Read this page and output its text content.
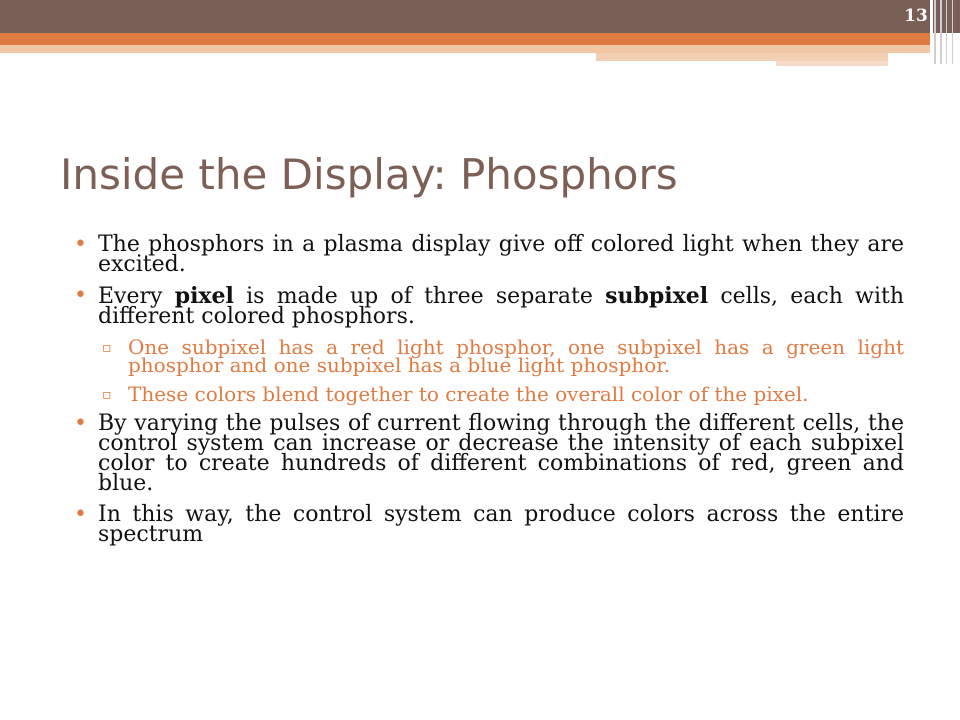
13
Inside the Display: Phosphors
• The phosphors in a plasma display give off colored light when they are excited.
• Every pixel is made up of three separate subpixel cells, each with different colored phosphors.
▫ One subpixel has a red light phosphor, one subpixel has a green light phosphor and one subpixel has a blue light phosphor.
▫ These colors blend together to create the overall color of the pixel.
• By varying the pulses of current flowing through the different cells, the control system can increase or decrease the intensity of each subpixel color to create hundreds of different combinations of red, green and blue.
• In this way, the control system can produce colors across the entire spectrum
